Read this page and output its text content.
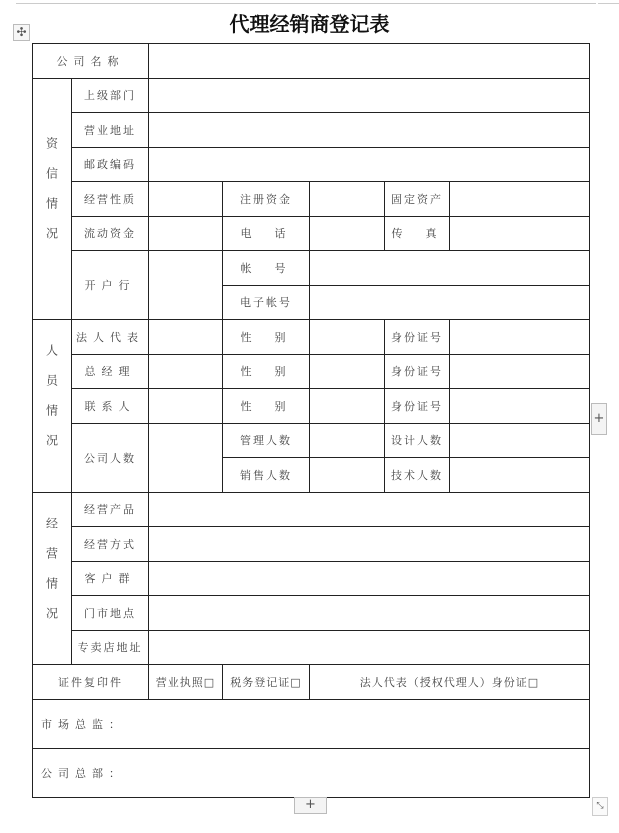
代理经销商登记表
✣
公司名称						
资信情况	上级部门					
	营业地址					
	邮政编码					
	经营性质		注册资金		固定资产	
	流动资金		电　话		传　真	
	开户行		帐　号			
			电子帐号			
人员情况	法人代表		性　别		身份证号	
	总经理		性　别		身份证号	
	联系人		性　别		身份证号	
	公司人数		管理人数		设计人数	
			销售人数		技术人数	
经营情况	经营产品					
	经营方式					
	客户群					
	门市地点					
	专卖店地址					
证件复印件		营业执照□	税务登记证□	法人代表（授权代理人）身份证□		
市场总监：						
公司总部：						
+
+	⤡
